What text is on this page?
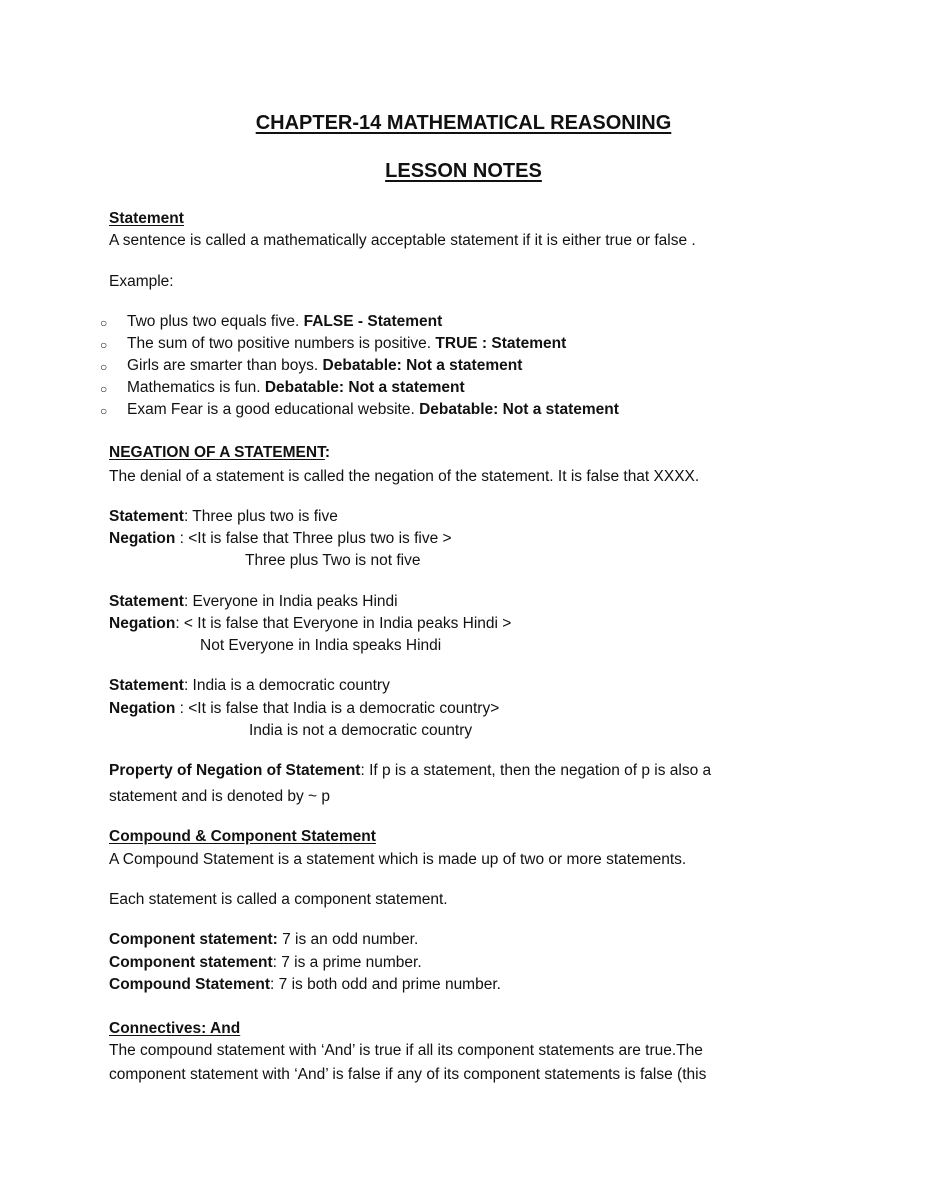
CHAPTER-14 MATHEMATICAL REASONING
LESSON NOTES
Statement
A sentence is called a mathematically acceptable statement if it is either true or false .
Example:
○ Two plus two equals five. FALSE - Statement
○ The sum of two positive numbers is positive. TRUE : Statement
○ Girls are smarter than boys. Debatable: Not a statement
○ Mathematics is fun. Debatable: Not a statement
○ Exam Fear is a good educational website. Debatable: Not a statement
NEGATION OF A STATEMENT:
The denial of a statement is called the negation of the statement. It is false that XXXX.
Statement: Three plus two is five
Negation : <It is false that Three plus two is five >
Three plus Two is not five
Statement: Everyone in India peaks Hindi
Negation: < It is false that Everyone in India peaks Hindi >
Not Everyone in India speaks Hindi
Statement: India is a democratic country
Negation : <It is false that India is a democratic country>
India is not a democratic country
Property of Negation of Statement: If p is a statement, then the negation of p is also a
statement and is denoted by ~ p
Compound & Component Statement
A Compound Statement is a statement which is made up of two or more statements.
Each statement is called a component statement.
Component statement: 7 is an odd number.
Component statement: 7 is a prime number.
Compound Statement: 7 is both odd and prime number.
Connectives: And
The compound statement with ‘And’ is true if all its component statements are true.The
component statement with ‘And’ is false if any of its component statements is false (this
